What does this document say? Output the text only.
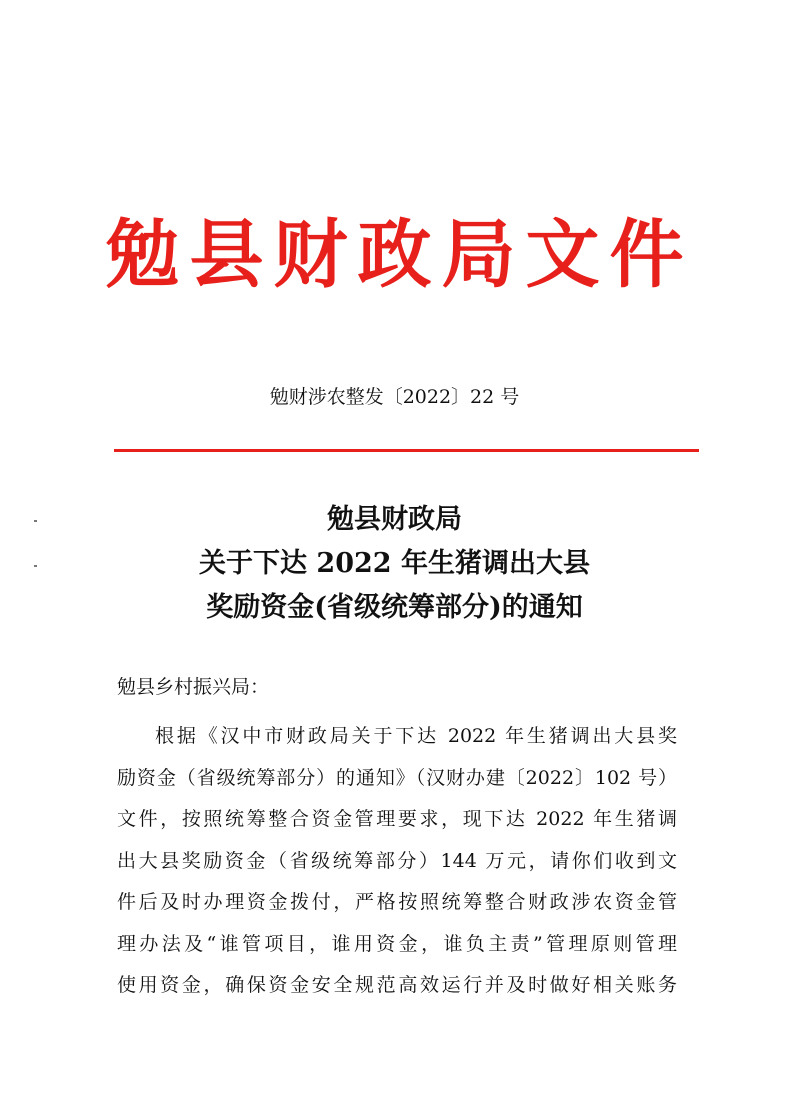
勉县财政局文件
勉财涉农整发〔2022〕22 号
勉县财政局
关于下达 2022 年生猪调出大县
奖励资金(省级统筹部分)的通知
勉县乡村振兴局：
根据《汉中市财政局关于下达 2022 年生猪调出大县奖
励资金（省级统筹部分）的通知》（汉财办建〔2022〕102 号）
文件，按照统筹整合资金管理要求，现下达 2022 年生猪调
出大县奖励资金（省级统筹部分）144 万元，请你们收到文
件后及时办理资金拨付，严格按照统筹整合财政涉农资金管
理办法及“谁管项目，谁用资金，谁负主责”管理原则管理
使用资金，确保资金安全规范高效运行并及时做好相关账务
